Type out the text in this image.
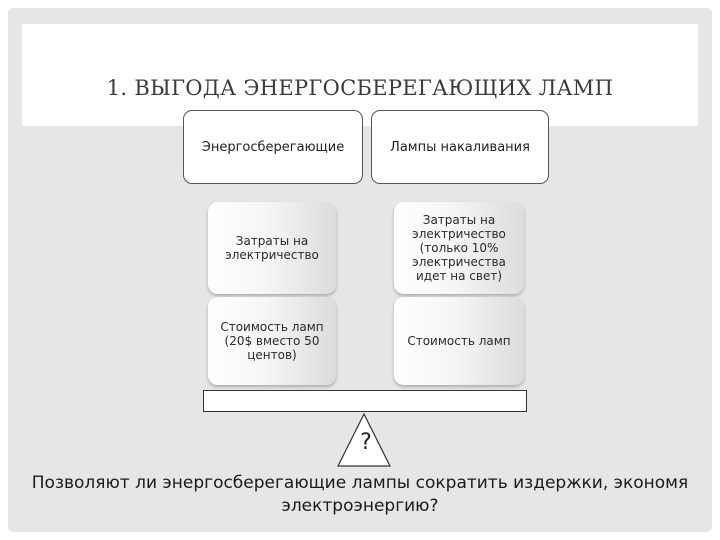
1. ВЫГОДА ЭНЕРГОСБЕРЕГАЮЩИХ ЛАМП
Энергосберегающие	Лампы накаливания
Затраты на электричество
Затраты на электричество (только 10% электричества идет на свет)
Стоимость ламп (20$ вместо 50 центов)
Стоимость ламп
?
Позволяют ли энергосберегающие лампы сократить издержки, экономя электроэнергию?
